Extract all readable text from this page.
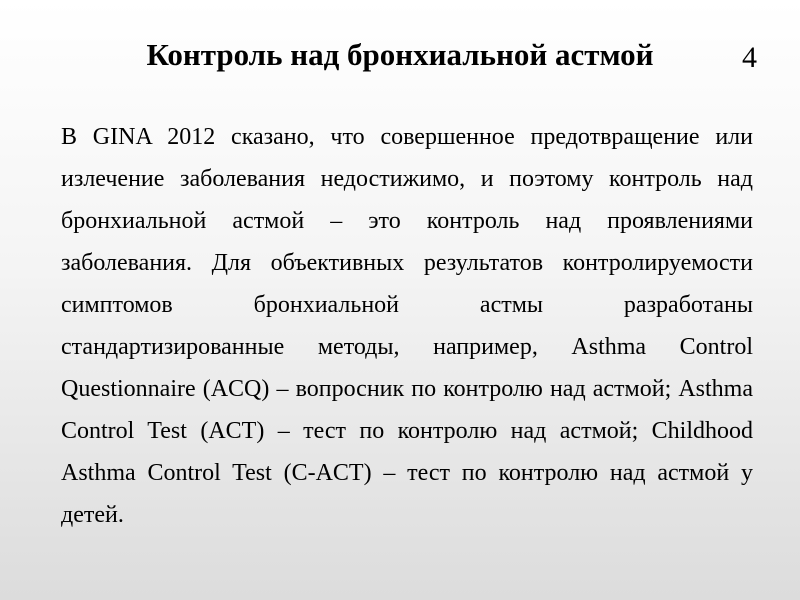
Контроль над бронхиальной астмой	4

В GINA 2012 сказано, что совершенное предотвращение или излечение заболевания недостижимо, и поэтому контроль над бронхиальной астмой – это контроль над проявлениями заболевания. Для объективных результатов контролируемости симптомов бронхиальной астмы разработаны стандартизированные методы, например, Asthma Control Questionnaire (ACQ) – вопросник по контролю над астмой; Asthma Control Test (ACT) – тест по контролю над астмой; Childhood Asthma Control Test (C-ACT) – тест по контролю над астмой у детей.
